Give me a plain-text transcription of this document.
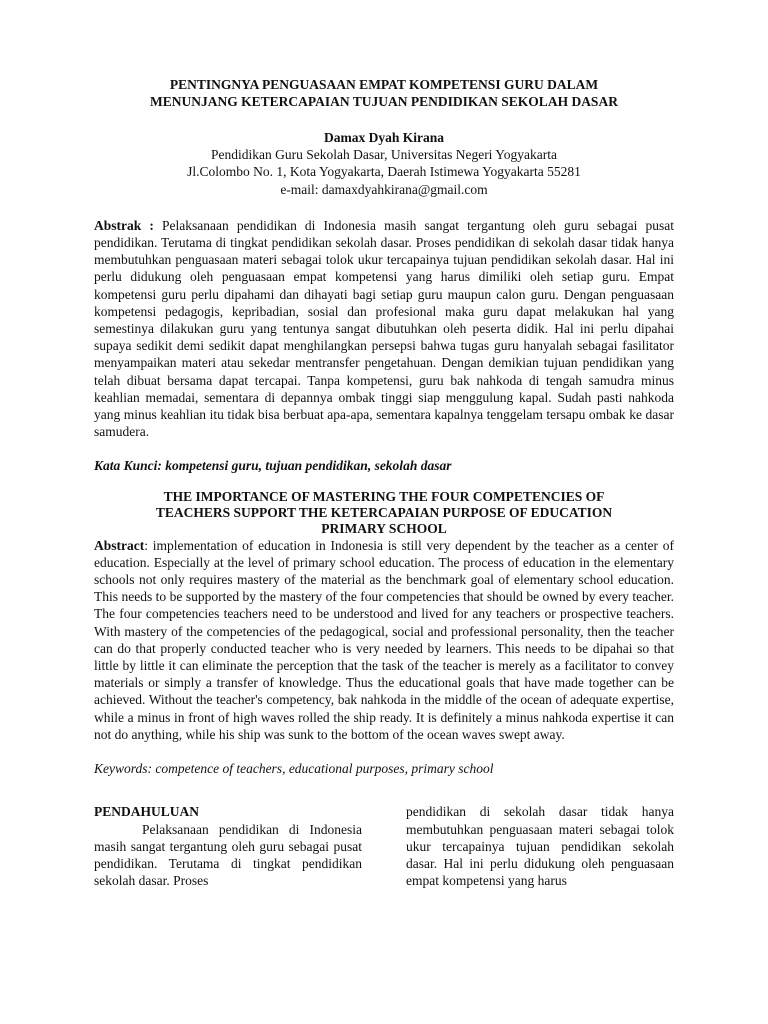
PENTINGNYA PENGUASAAN EMPAT KOMPETENSI GURU DALAM

MENUNJANG KETERCAPAIAN TUJUAN PENDIDIKAN SEKOLAH DASAR

Damax Dyah Kirana

Pendidikan Guru Sekolah Dasar, Universitas Negeri Yogyakarta

Jl.Colombo No. 1, Kota Yogyakarta, Daerah Istimewa Yogyakarta 55281

e-mail: damaxdyahkirana@gmail.com

Abstrak : Pelaksanaan pendidikan di Indonesia masih sangat tergantung oleh guru sebagai pusat pendidikan. Terutama di tingkat pendidikan sekolah dasar. Proses pendidikan di sekolah dasar tidak hanya membutuhkan penguasaan materi sebagai tolok ukur tercapainya tujuan pendidikan sekolah dasar. Hal ini perlu didukung oleh penguasaan empat kompetensi yang harus dimiliki oleh setiap guru. Empat kompetensi guru perlu dipahami dan dihayati bagi setiap guru maupun calon guru. Dengan penguasaan kompetensi pedagogis, kepribadian, sosial dan profesional maka guru dapat melakukan hal yang semestinya dilakukan guru yang tentunya sangat dibutuhkan oleh peserta didik. Hal ini perlu dipahai supaya sedikit demi sedikit dapat menghilangkan persepsi bahwa tugas guru hanyalah sebagai fasilitator menyampaikan materi atau sekedar mentransfer pengetahuan. Dengan demikian tujuan pendidikan yang telah dibuat bersama dapat tercapai. Tanpa kompetensi, guru bak nahkoda di tengah samudra minus keahlian memadai, sementara di depannya ombak tinggi siap menggulung kapal. Sudah pasti nahkoda yang minus keahlian itu tidak bisa berbuat apa-apa, sementara kapalnya tenggelam tersapu ombak ke dasar samudera.

Kata Kunci: kompetensi guru, tujuan pendidikan, sekolah dasar

THE IMPORTANCE OF MASTERING THE FOUR COMPETENCIES OF
TEACHERS SUPPORT THE KETERCAPAIAN PURPOSE OF EDUCATION
PRIMARY SCHOOL

Abstract: implementation of education in Indonesia is still very dependent by the teacher as a center of education. Especially at the level of primary school education. The process of education in the elementary schools not only requires mastery of the material as the benchmark goal of elementary school education. This needs to be supported by the mastery of the four competencies that should be owned by every teacher. The four competencies teachers need to be understood and lived for any teachers or prospective teachers. With mastery of the competencies of the pedagogical, social and professional personality, then the teacher can do that properly conducted teacher who is very needed by learners. This needs to be dipahai so that little by little it can eliminate the perception that the task of the teacher is merely as a facilitator to convey materials or simply a transfer of knowledge. Thus the educational goals that have made together can be achieved. Without the teacher's competency, bak nahkoda in the middle of the ocean of adequate expertise, while a minus in front of high waves rolled the ship ready. It is definitely a minus nahkoda expertise it can not do anything, while his ship was sunk to the bottom of the ocean waves swept away.

Keywords: competence of teachers, educational purposes, primary school

PENDAHULUAN

Pelaksanaan pendidikan di Indonesia masih sangat tergantung oleh guru sebagai pusat pendidikan. Terutama di tingkat pendidikan sekolah dasar. Proses

pendidikan di sekolah dasar tidak hanya membutuhkan penguasaan materi sebagai tolok ukur tercapainya tujuan pendidikan sekolah dasar. Hal ini perlu didukung oleh penguasaan empat kompetensi yang harus
